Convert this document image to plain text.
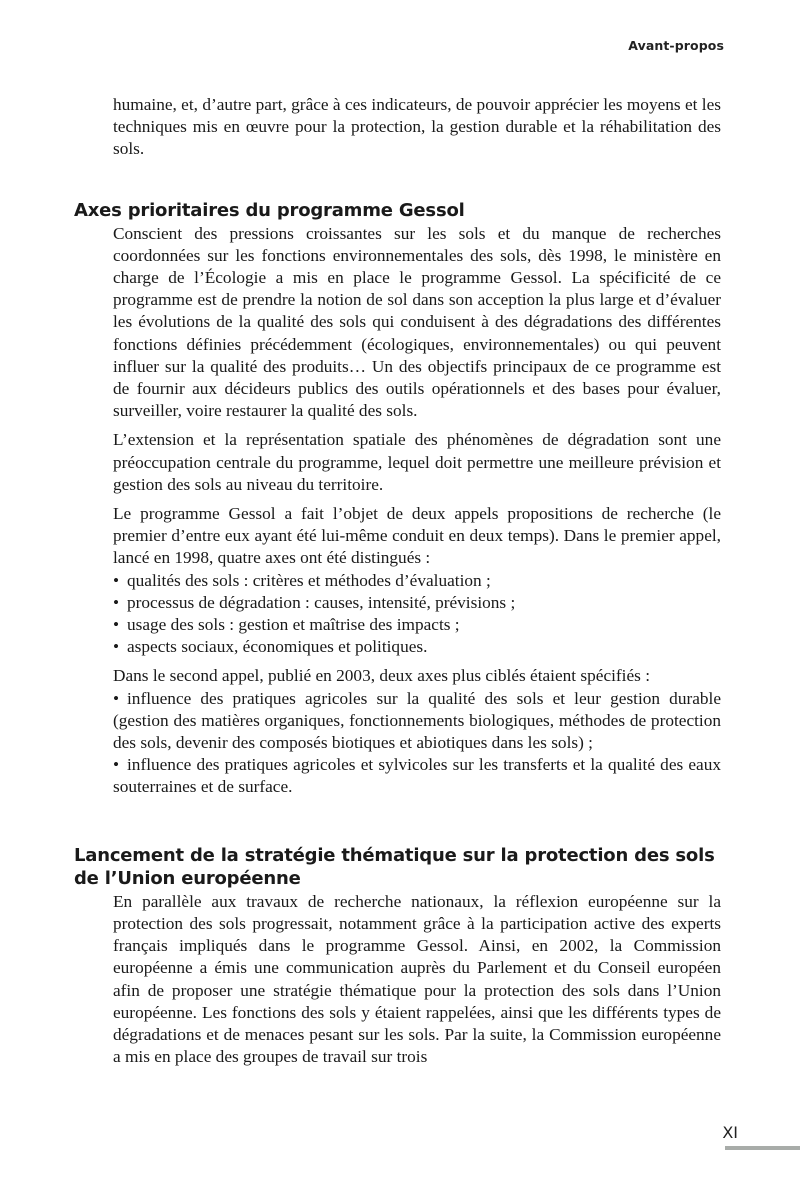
Avant-propos

humaine, et, d’autre part, grâce à ces indicateurs, de pouvoir apprécier les moyens et les techniques mis en œuvre pour la protection, la gestion durable et la réhabilitation des sols.

Axes prioritaires du programme Gessol

Conscient des pressions croissantes sur les sols et du manque de recherches coordonnées sur les fonctions environnementales des sols, dès 1998, le ministère en charge de l’Écologie a mis en place le programme Gessol. La spécificité de ce programme est de prendre la notion de sol dans son acception la plus large et d’évaluer les évolutions de la qualité des sols qui conduisent à des dégradations des différentes fonctions définies précédemment (écologiques, environnementales) ou qui peuvent influer sur la qualité des produits… Un des objectifs principaux de ce programme est de fournir aux décideurs publics des outils opérationnels et des bases pour évaluer, surveiller, voire restaurer la qualité des sols.

L’extension et la représentation spatiale des phénomènes de dégradation sont une préoccupation centrale du programme, lequel doit permettre une meilleure prévision et gestion des sols au niveau du territoire.

Le programme Gessol a fait l’objet de deux appels propositions de recherche (le premier d’entre eux ayant été lui-même conduit en deux temps). Dans le premier appel, lancé en 1998, quatre axes ont été distingués :

• qualités des sols : critères et méthodes d’évaluation ;
• processus de dégradation : causes, intensité, prévisions ;
• usage des sols : gestion et maîtrise des impacts ;
• aspects sociaux, économiques et politiques.

Dans le second appel, publié en 2003, deux axes plus ciblés étaient spécifiés :

• influence des pratiques agricoles sur la qualité des sols et leur gestion durable (gestion des matières organiques, fonctionnements biologiques, méthodes de protection des sols, devenir des composés biotiques et abiotiques dans les sols) ;
• influence des pratiques agricoles et sylvicoles sur les transferts et la qualité des eaux souterraines et de surface.
Lancement de la stratégie thématique sur la protection des sols de l’Union européenne

En parallèle aux travaux de recherche nationaux, la réflexion européenne sur la protection des sols progressait, notamment grâce à la participation active des experts français impliqués dans le programme Gessol. Ainsi, en 2002, la Commission européenne a émis une communication auprès du Parlement et du Conseil européen afin de proposer une stratégie thématique pour la protection des sols dans l’Union européenne. Les fonctions des sols y étaient rappelées, ainsi que les différents types de dégradations et de menaces pesant sur les sols. Par la suite, la Commission européenne a mis en place des groupes de travail sur trois

XI
